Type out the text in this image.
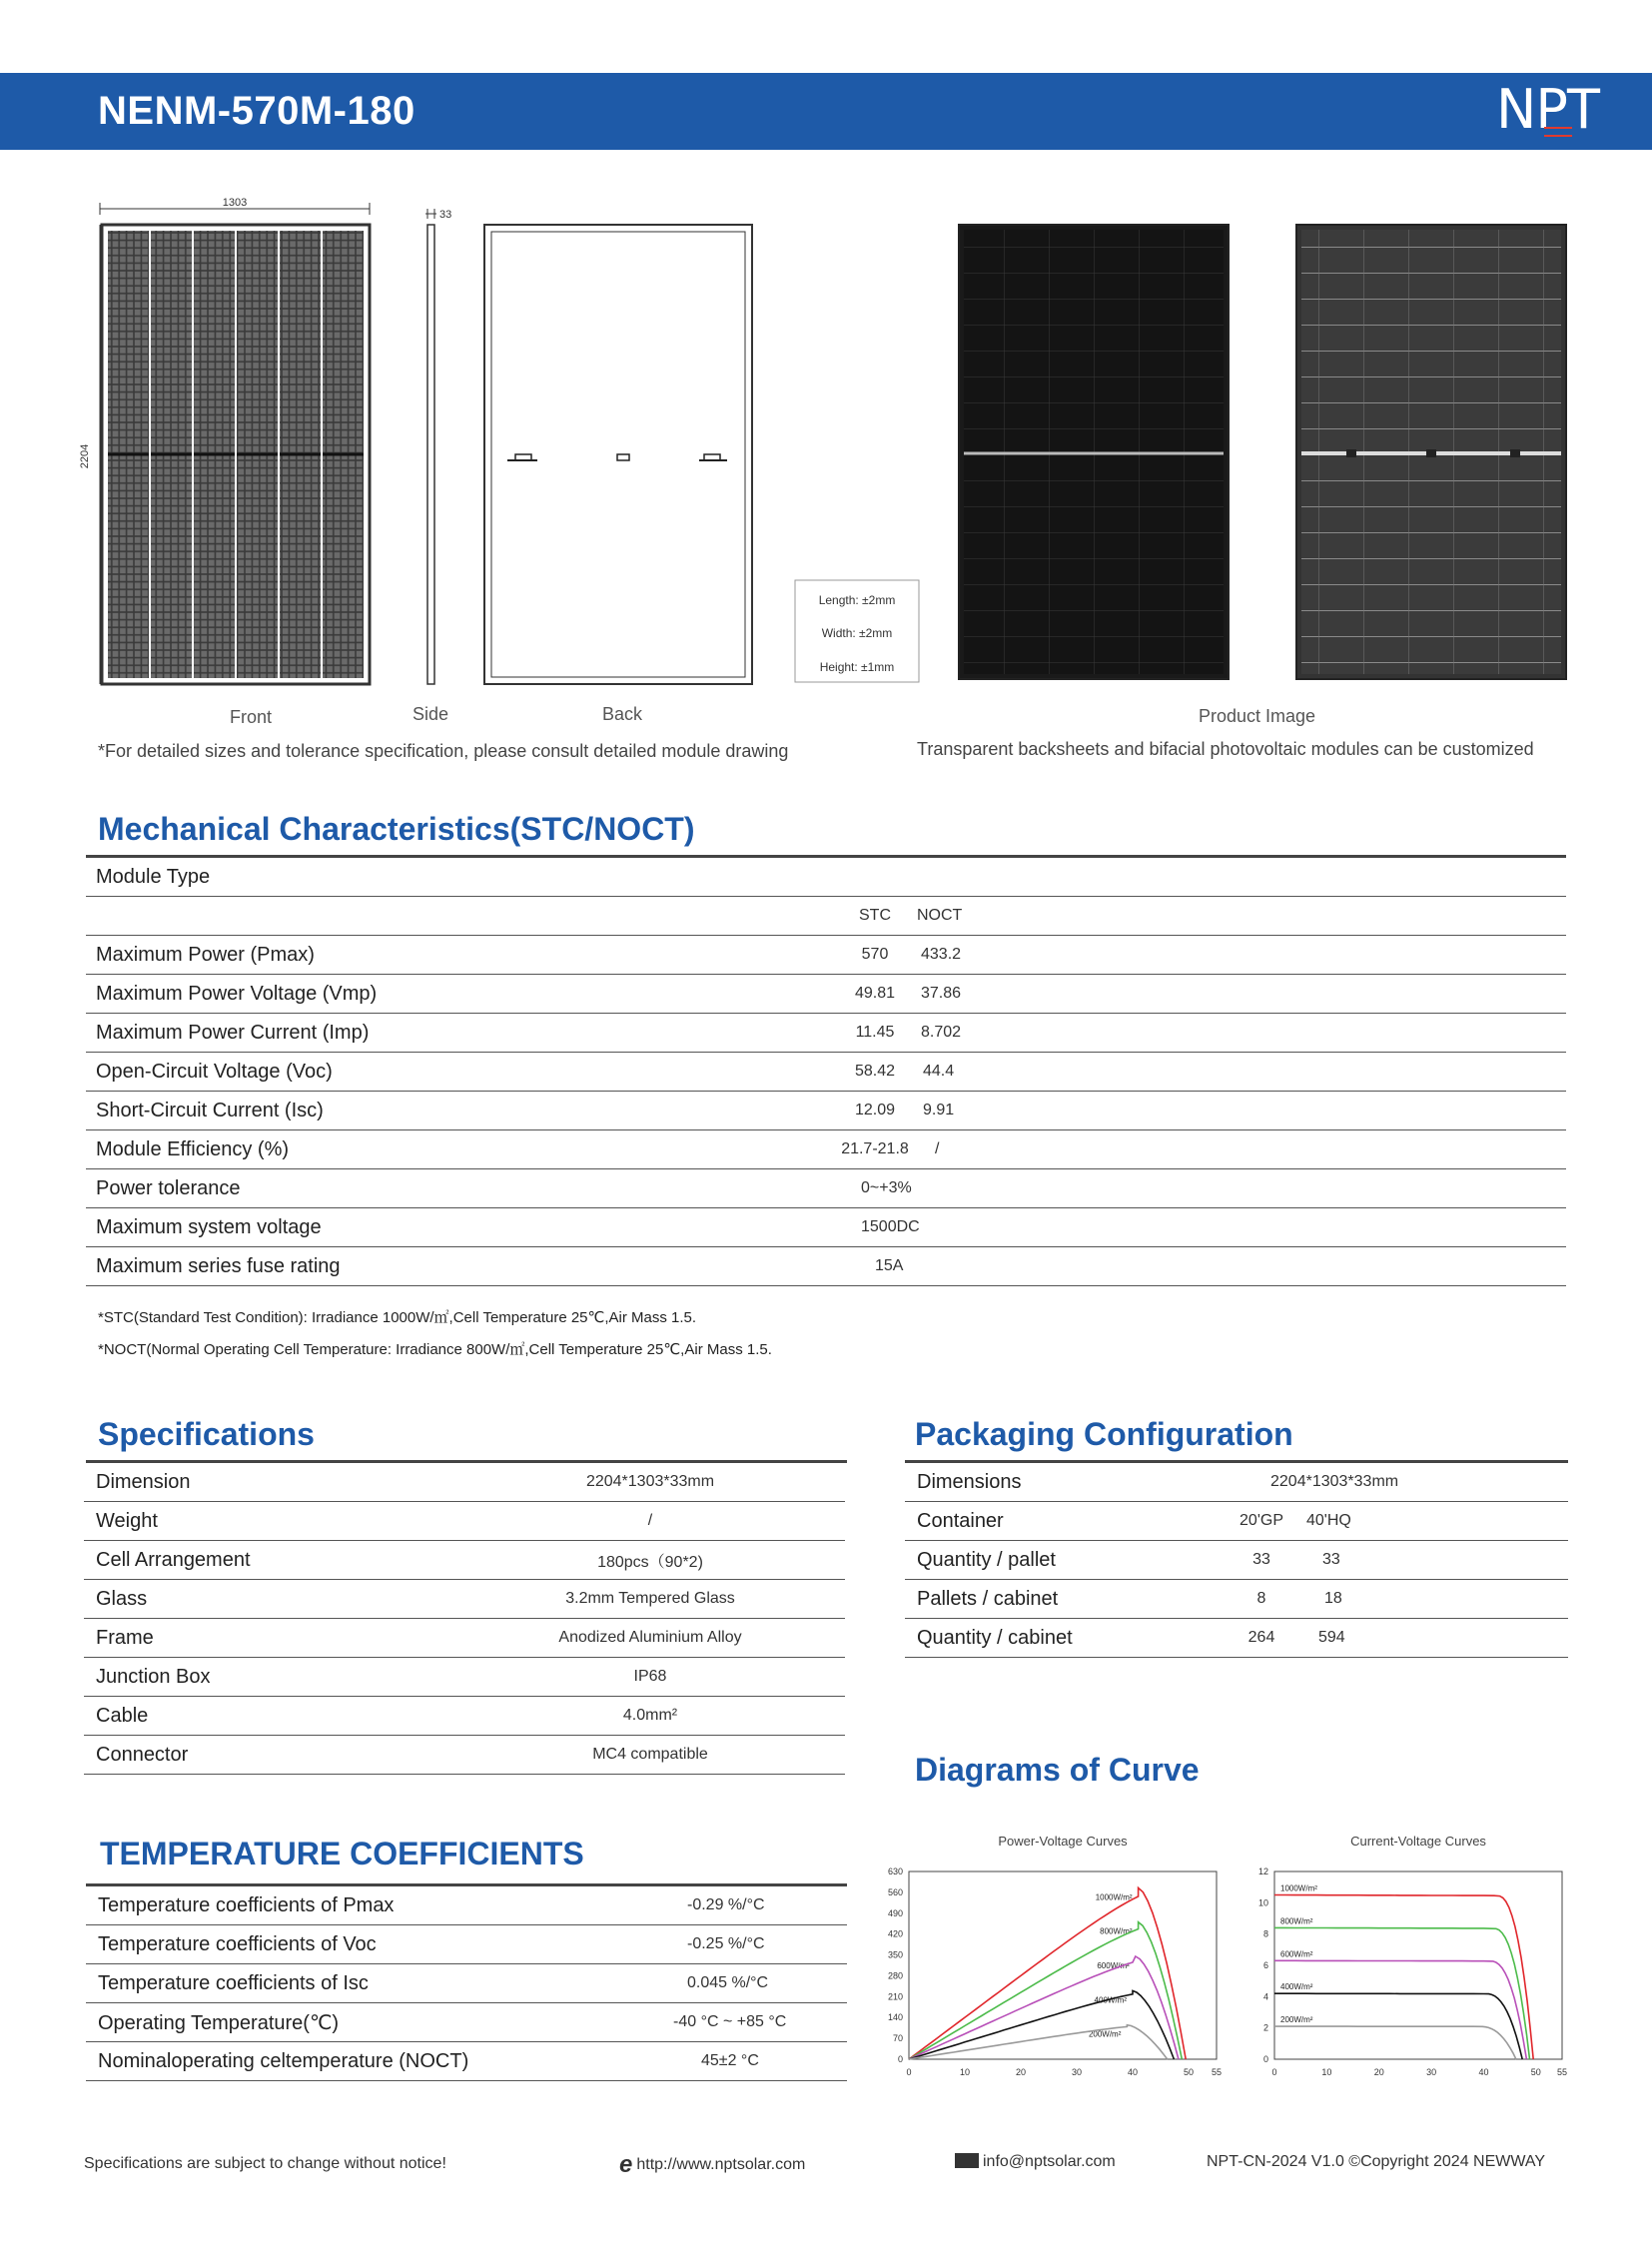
NENM-570M-180	NPT
1303
2204
33
Length: ±2mm
Width: ±2mm
Height: ±1mm
Front	Side	Back	Product Image
*For detailed sizes and tolerance specification, please consult detailed module drawing	Transparent backsheets and bifacial photovoltaic modules can be customized
Mechanical Characteristics(STC/NOCT)
Module Type		
	STC	NOCT
Maximum Power (Pmax)	570	433.2
Maximum Power Voltage (Vmp)	49.81	37.86
Maximum Power Current (Imp)	11.45	8.702
Open-Circuit Voltage (Voc)	58.42	44.4
Short-Circuit Current (Isc)	12.09	9.91
Module Efficiency (%)	21.7-21.8	/
Power tolerance	0~+3%	
Maximum system voltage	1500DC	
Maximum series fuse rating	15A	
*STC(Standard Test Condition): Irradiance 1000W/㎡,Cell Temperature 25℃,Air Mass 1.5.
*NOCT(Normal Operating Cell Temperature: Irradiance 800W/㎡,Cell Temperature 25℃,Air Mass 1.5.
Specifications
Dimension	2204*1303*33mm
Weight	/
Cell Arrangement	180pcs（90*2)
Glass	3.2mm Tempered Glass
Frame	Anodized Aluminium Alloy
Junction Box	IP68
Cable	4.0mm²
Connector	MC4 compatible
Packaging Configuration
Dimensions	2204*1303*33mm	
Container	20'GP	40'HQ
Quantity / pallet	33	33
Pallets / cabinet	8	18
Quantity / cabinet	264	594
Diagrams of Curve
Power-Voltage Curves
0
70
140
210
280
350
420
490
560
630
0	10	20	30	40	50 55
1000W/m²
800W/m²
600W/m²
400W/m²
200W/m²
Current-Voltage Curves
0
2
4
6
8
10
12
0	10	20	30	40	50 55
1000W/m²
800W/m²
600W/m²
400W/m²
200W/m²
TEMPERATURE COEFFICIENTS
Temperature coefficients of Pmax	-0.29 %/°C
Temperature coefficients of Voc	-0.25 %/°C
Temperature coefficients of Isc	0.045 %/°C
Operating Temperature(℃)	-40 °C ~ +85 °C
Nominaloperating celtemperature (NOCT)	45±2 °C
Specifications are subject to change without notice!	ehttp://www.nptsolar.com	info@nptsolar.com	NPT-CN-2024 V1.0 ©Copyright 2024 NEWWAY
